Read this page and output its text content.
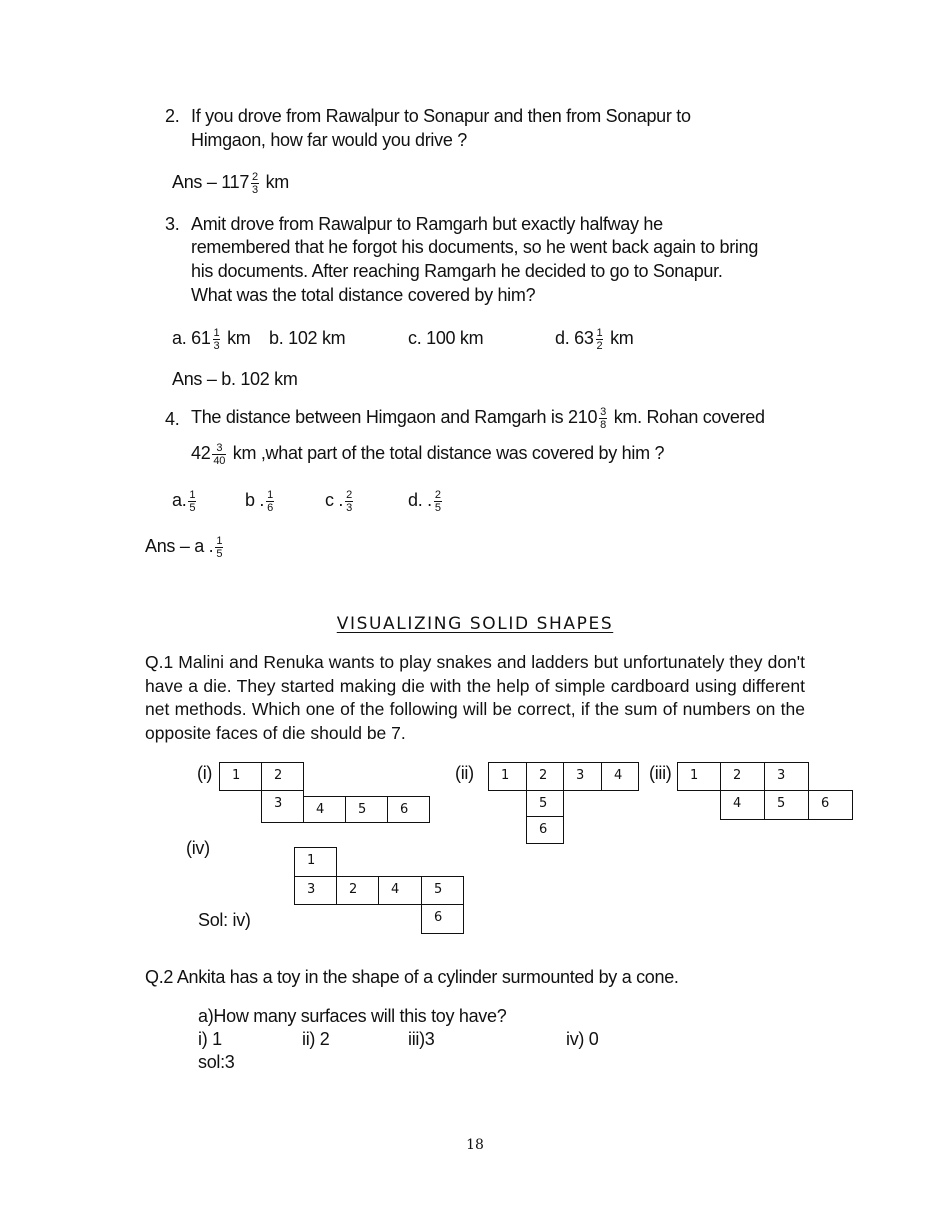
2. If you drove from Rawalpur to Sonapur and then from Sonapur to
Himgaon, how far would you drive ?
Ans – $117 \frac{2}{3}$ km
3. Amit drove from Rawalpur to Ramgarh but exactly halfway he
remembered that he forgot his documents, so he went back again to bring
his documents. After reaching Ramgarh he decided to go to Sonapur.
What was the total distance covered by him?
a. $61 \frac{1}{3}$ km b. 102 km	c. 100 km	d. $63 \frac{1}{2}$ km
Ans – b. 102 km
4. The distance between Himgaon and Ramgarh is $210 \frac{3}{8}$ km. Rohan covered
$42 \frac{3}{40}$ km ,what part of the total distance was covered by him ?
a. $\frac{1}{5}$	b . $\frac{1}{6}$	c . $\frac{2}{3}$	d. . $\frac{2}{5}$
Ans – a . $\frac{1}{5}$
VISUALIZING SOLID SHAPES

Q.1 Malini and Renuka wants to play snakes and ladders but unfortunately they don't have a die. They started making die with the help of simple cardboard using different net methods. Which one of the following will be correct, if the sum of numbers on the opposite faces of die should be 7.

(i)	(ii)	(iii)
(iv)
1	2
3	4	5	6
1	2	3	4
5
6
1	2	3
4	5	6
1
3	2	4	5
6
Sol: iv)
Q.2 Ankita has a toy in the shape of a cylinder surmounted by a cone.
a)How many surfaces will this toy have?
i) 1	ii) 2	iii)3	iv) 0
sol:3
18
